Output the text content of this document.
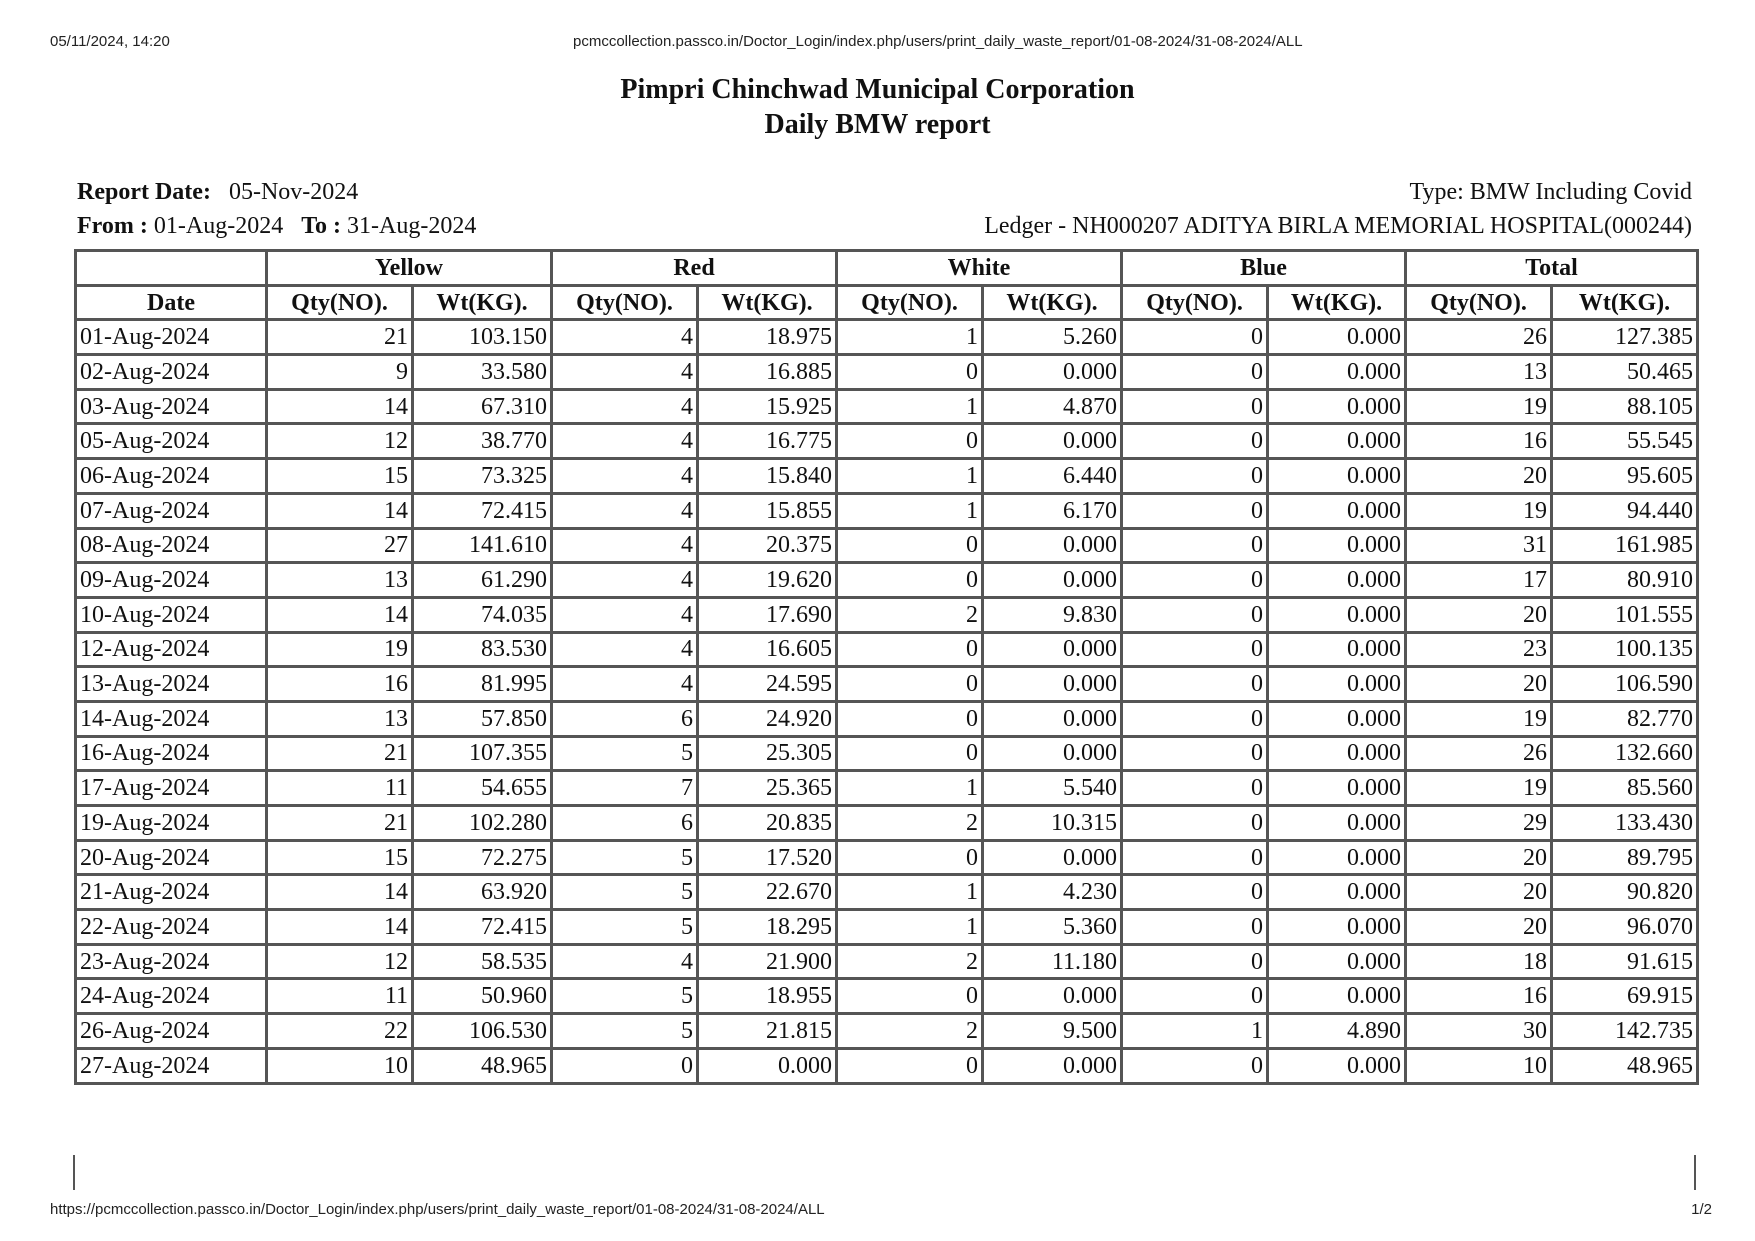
05/11/2024, 14:20	pcmccollection.passco.in/Doctor_Login/index.php/users/print_daily_waste_report/01-08-2024/31-08-2024/ALL
Pimpri Chinchwad Municipal Corporation
Daily BMW report
Report Date: 05-Nov-2024	Type: BMW Including Covid
From : 01-Aug-2024 To : 31-Aug-2024	Ledger - NH000207 ADITYA BIRLA MEMORIAL HOSPITAL(000244)
	Yellow		Red		White		Blue		Total	
Date	Qty(NO).	Wt(KG).	Qty(NO).	Wt(KG).	Qty(NO).	Wt(KG).	Qty(NO).	Wt(KG).	Qty(NO).	Wt(KG).
01-Aug-2024	21	103.150	4	18.975	1	5.260	0	0.000	26	127.385
02-Aug-2024	9	33.580	4	16.885	0	0.000	0	0.000	13	50.465
03-Aug-2024	14	67.310	4	15.925	1	4.870	0	0.000	19	88.105
05-Aug-2024	12	38.770	4	16.775	0	0.000	0	0.000	16	55.545
06-Aug-2024	15	73.325	4	15.840	1	6.440	0	0.000	20	95.605
07-Aug-2024	14	72.415	4	15.855	1	6.170	0	0.000	19	94.440
08-Aug-2024	27	141.610	4	20.375	0	0.000	0	0.000	31	161.985
09-Aug-2024	13	61.290	4	19.620	0	0.000	0	0.000	17	80.910
10-Aug-2024	14	74.035	4	17.690	2	9.830	0	0.000	20	101.555
12-Aug-2024	19	83.530	4	16.605	0	0.000	0	0.000	23	100.135
13-Aug-2024	16	81.995	4	24.595	0	0.000	0	0.000	20	106.590
14-Aug-2024	13	57.850	6	24.920	0	0.000	0	0.000	19	82.770
16-Aug-2024	21	107.355	5	25.305	0	0.000	0	0.000	26	132.660
17-Aug-2024	11	54.655	7	25.365	1	5.540	0	0.000	19	85.560
19-Aug-2024	21	102.280	6	20.835	2	10.315	0	0.000	29	133.430
20-Aug-2024	15	72.275	5	17.520	0	0.000	0	0.000	20	89.795
21-Aug-2024	14	63.920	5	22.670	1	4.230	0	0.000	20	90.820
22-Aug-2024	14	72.415	5	18.295	1	5.360	0	0.000	20	96.070
23-Aug-2024	12	58.535	4	21.900	2	11.180	0	0.000	18	91.615
24-Aug-2024	11	50.960	5	18.955	0	0.000	0	0.000	16	69.915
26-Aug-2024	22	106.530	5	21.815	2	9.500	1	4.890	30	142.735
27-Aug-2024	10	48.965	0	0.000	0	0.000	0	0.000	10	48.965
https://pcmccollection.passco.in/Doctor_Login/index.php/users/print_daily_waste_report/01-08-2024/31-08-2024/ALL	1/2
